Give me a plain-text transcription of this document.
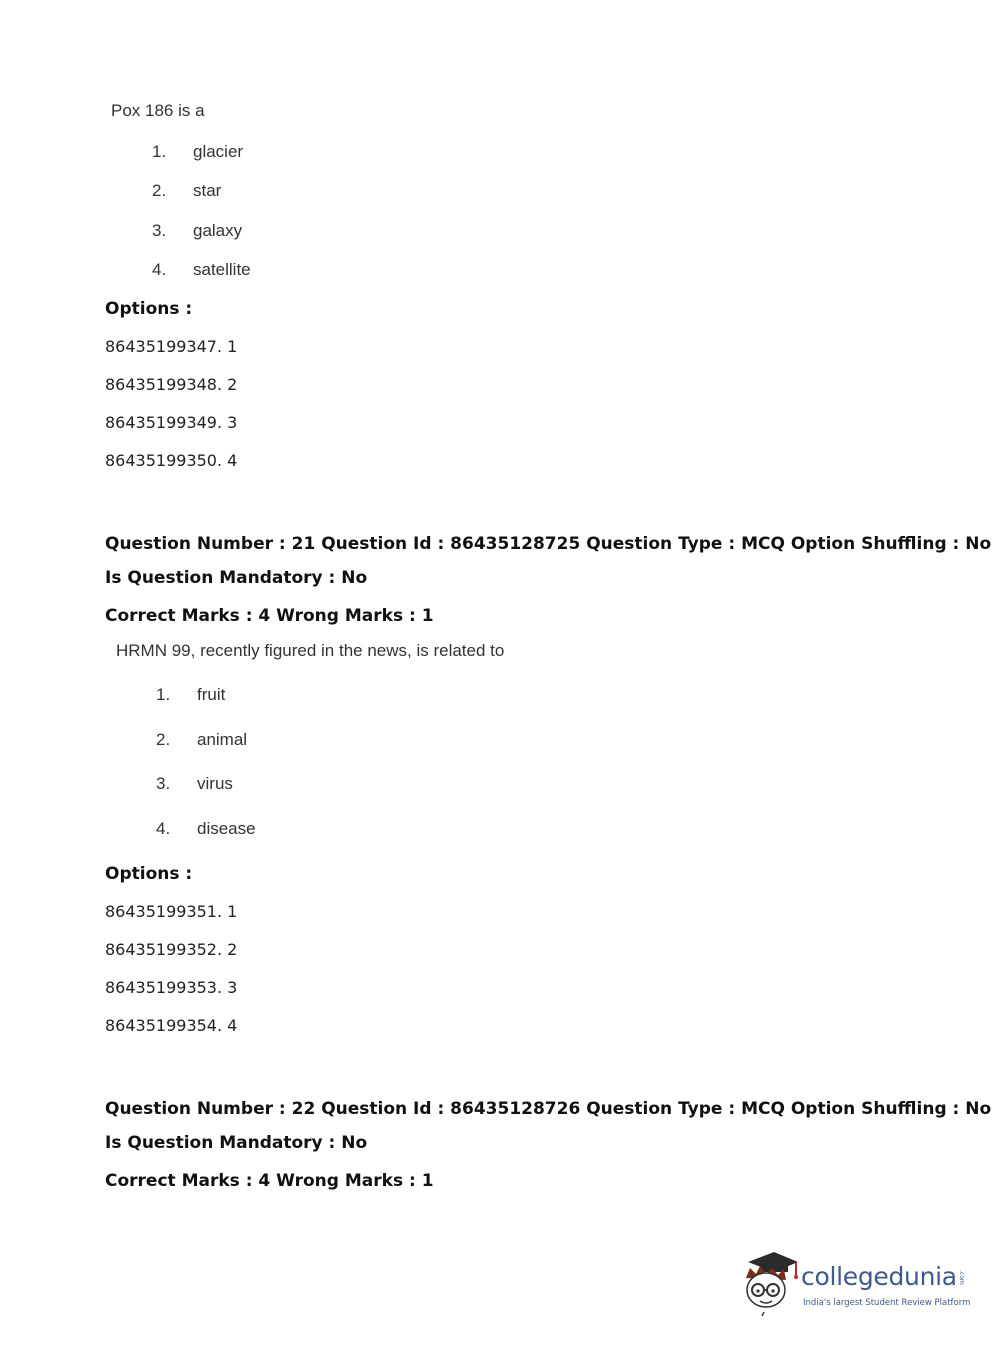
Pox 186 is a
1. glacier
2. star
3. galaxy
4. satellite
Options :
86435199347. 1
86435199348. 2
86435199349. 3
86435199350. 4
Question Number : 21 Question Id : 86435128725 Question Type : MCQ Option Shuffling : No
Is Question Mandatory : No
Correct Marks : 4 Wrong Marks : 1
HRMN 99, recently figured in the news, is related to
1. fruit
2. animal
3. virus
4. disease
Options :
86435199351. 1
86435199352. 2
86435199353. 3
86435199354. 4
Question Number : 22 Question Id : 86435128726 Question Type : MCQ Option Shuffling : No
Is Question Mandatory : No
Correct Marks : 4 Wrong Marks : 1
collegedunia .com
India's largest Student Review Platform
